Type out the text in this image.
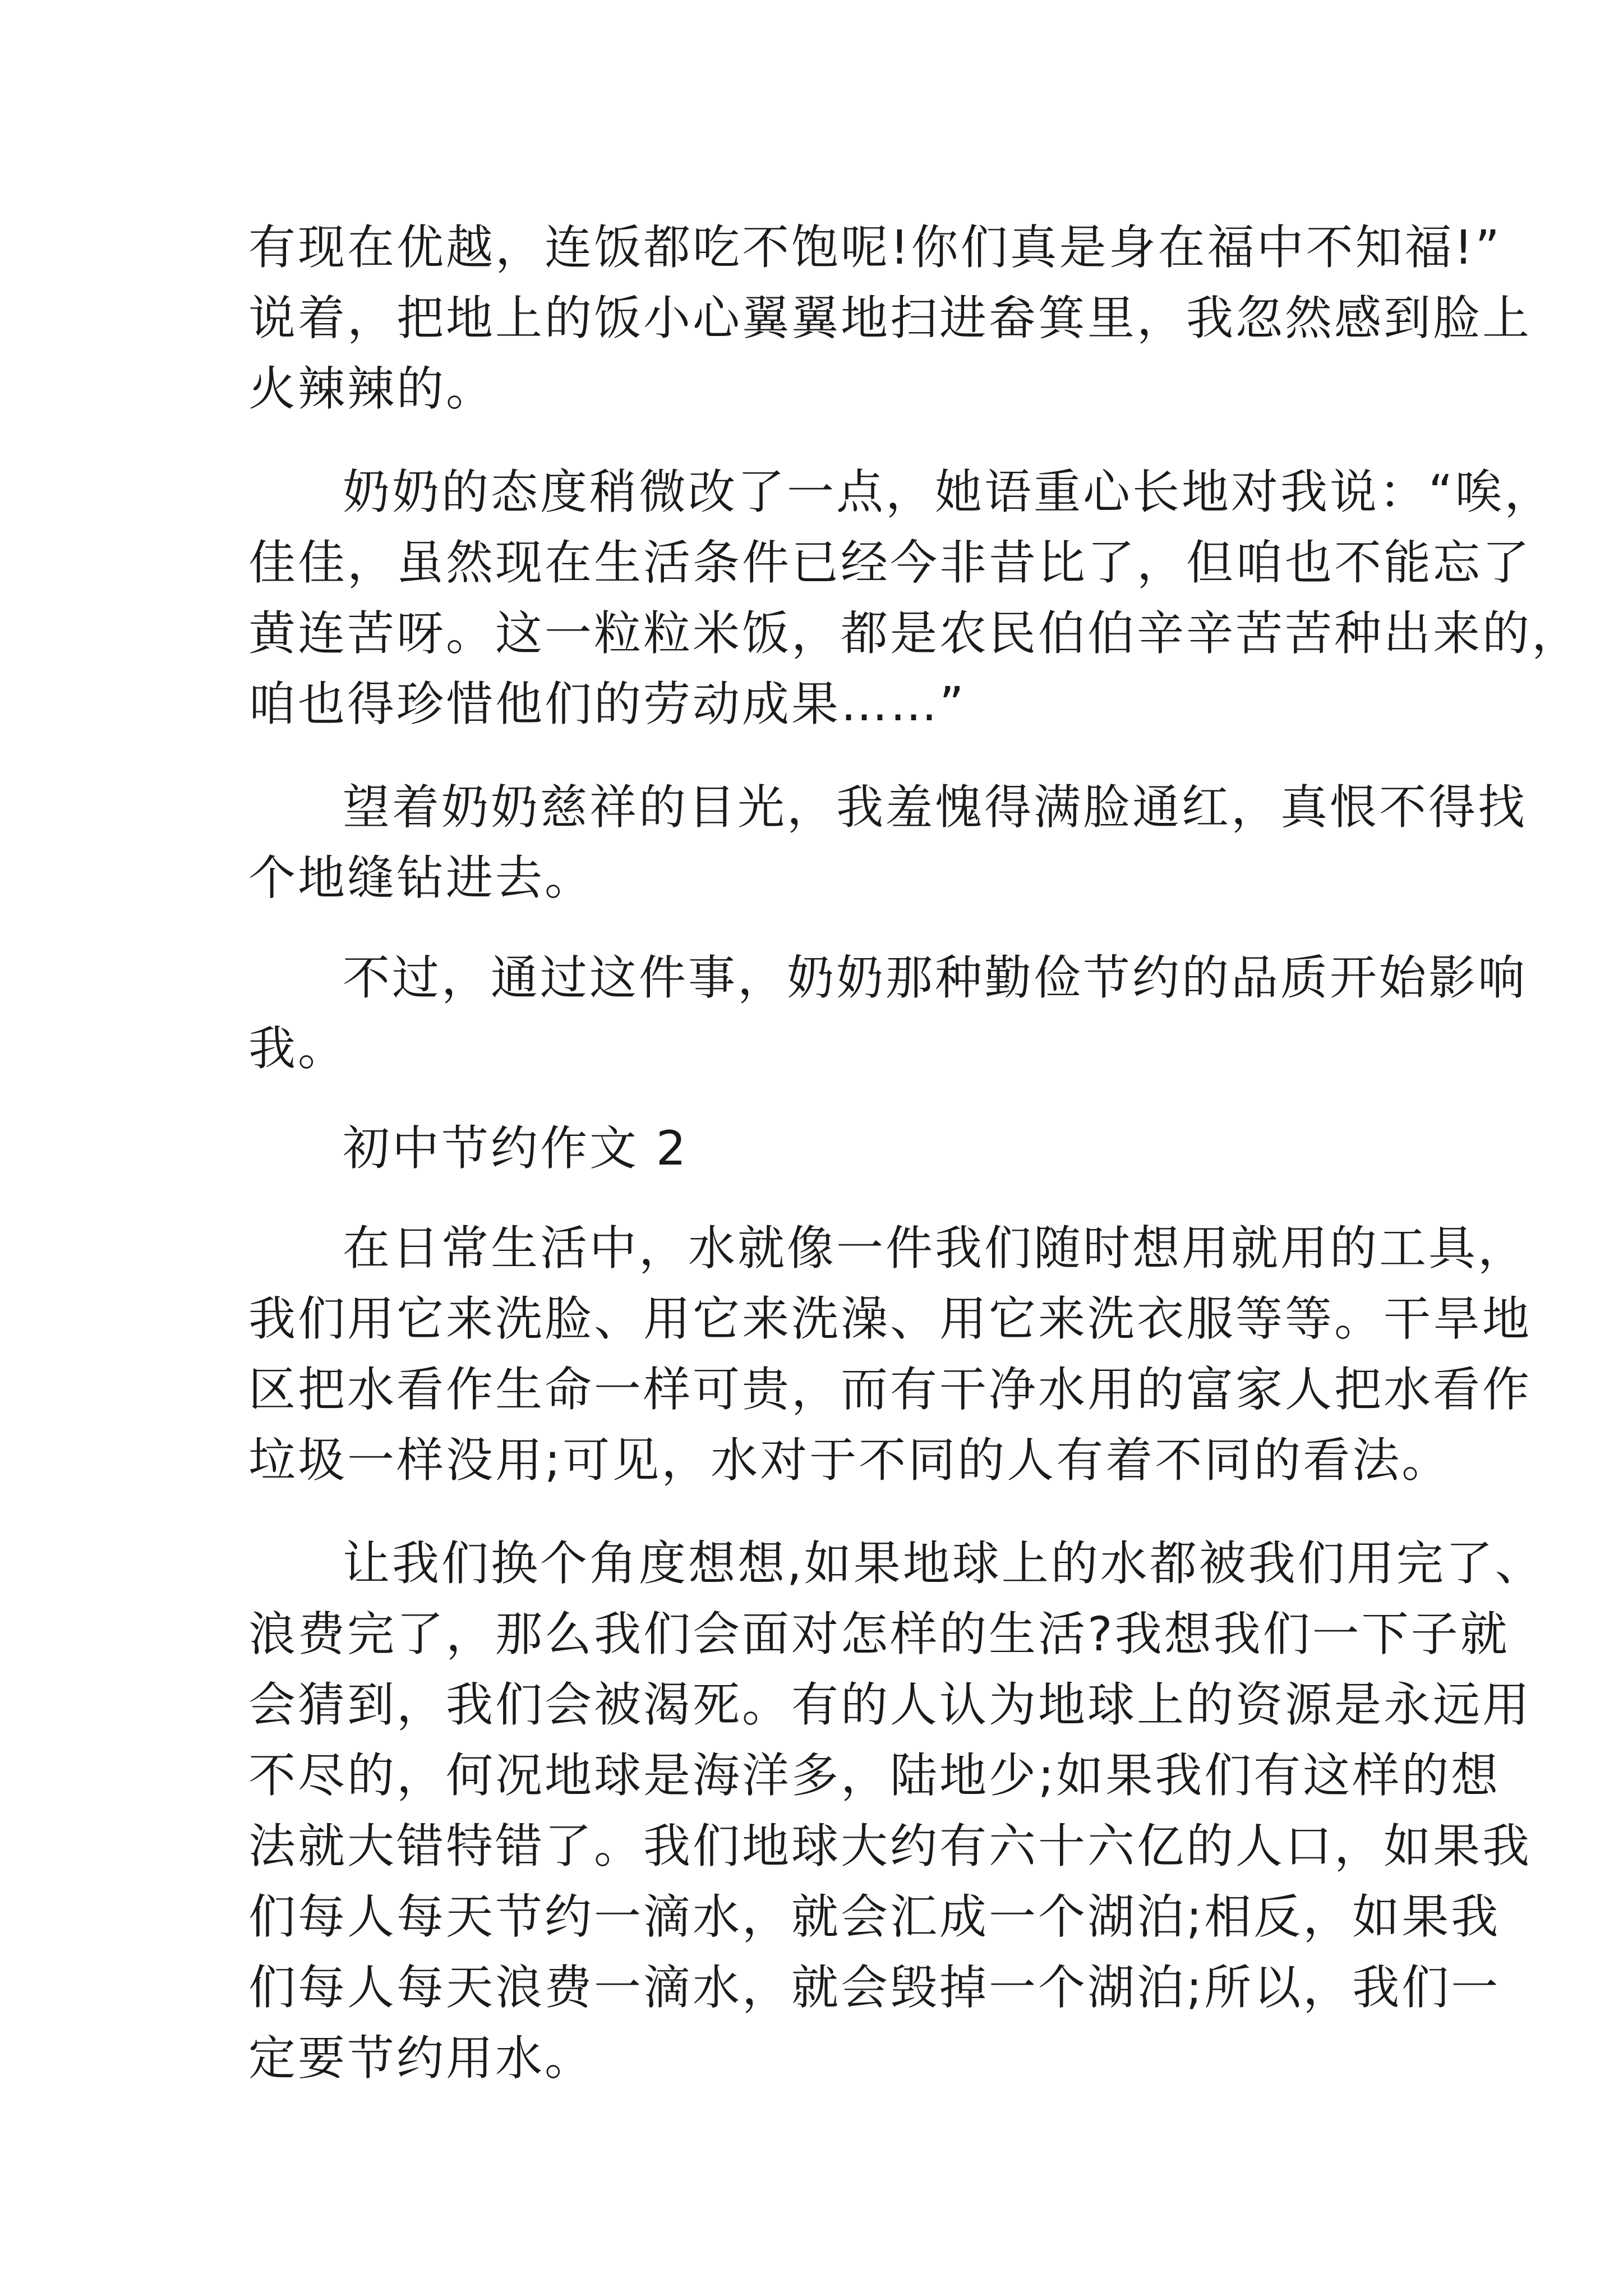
有现在优越，连饭都吃不饱呢!你们真是身在福中不知福!”
说着，把地上的饭小心翼翼地扫进畚箕里，我忽然感到脸上
火辣辣的。
奶奶的态度稍微改了一点，她语重心长地对我说：“唉，
佳佳，虽然现在生活条件已经今非昔比了，但咱也不能忘了
黄连苦呀。这一粒粒米饭，都是农民伯伯辛辛苦苦种出来的，
咱也得珍惜他们的劳动成果……”
望着奶奶慈祥的目光，我羞愧得满脸通红，真恨不得找
个地缝钻进去。
不过，通过这件事，奶奶那种勤俭节约的品质开始影响
我。
初中节约作文 2
在日常生活中，水就像一件我们随时想用就用的工具，
我们用它来洗脸、用它来洗澡、用它来洗衣服等等。干旱地
区把水看作生命一样可贵，而有干净水用的富家人把水看作
垃圾一样没用;可见，水对于不同的人有着不同的看法。
让我们换个角度想想,如果地球上的水都被我们用完了、
浪费完了，那么我们会面对怎样的生活?我想我们一下子就
会猜到，我们会被渴死。有的人认为地球上的资源是永远用
不尽的，何况地球是海洋多，陆地少;如果我们有这样的想
法就大错特错了。我们地球大约有六十六亿的人口，如果我
们每人每天节约一滴水，就会汇成一个湖泊;相反，如果我
们每人每天浪费一滴水，就会毁掉一个湖泊;所以，我们一
定要节约用水。
